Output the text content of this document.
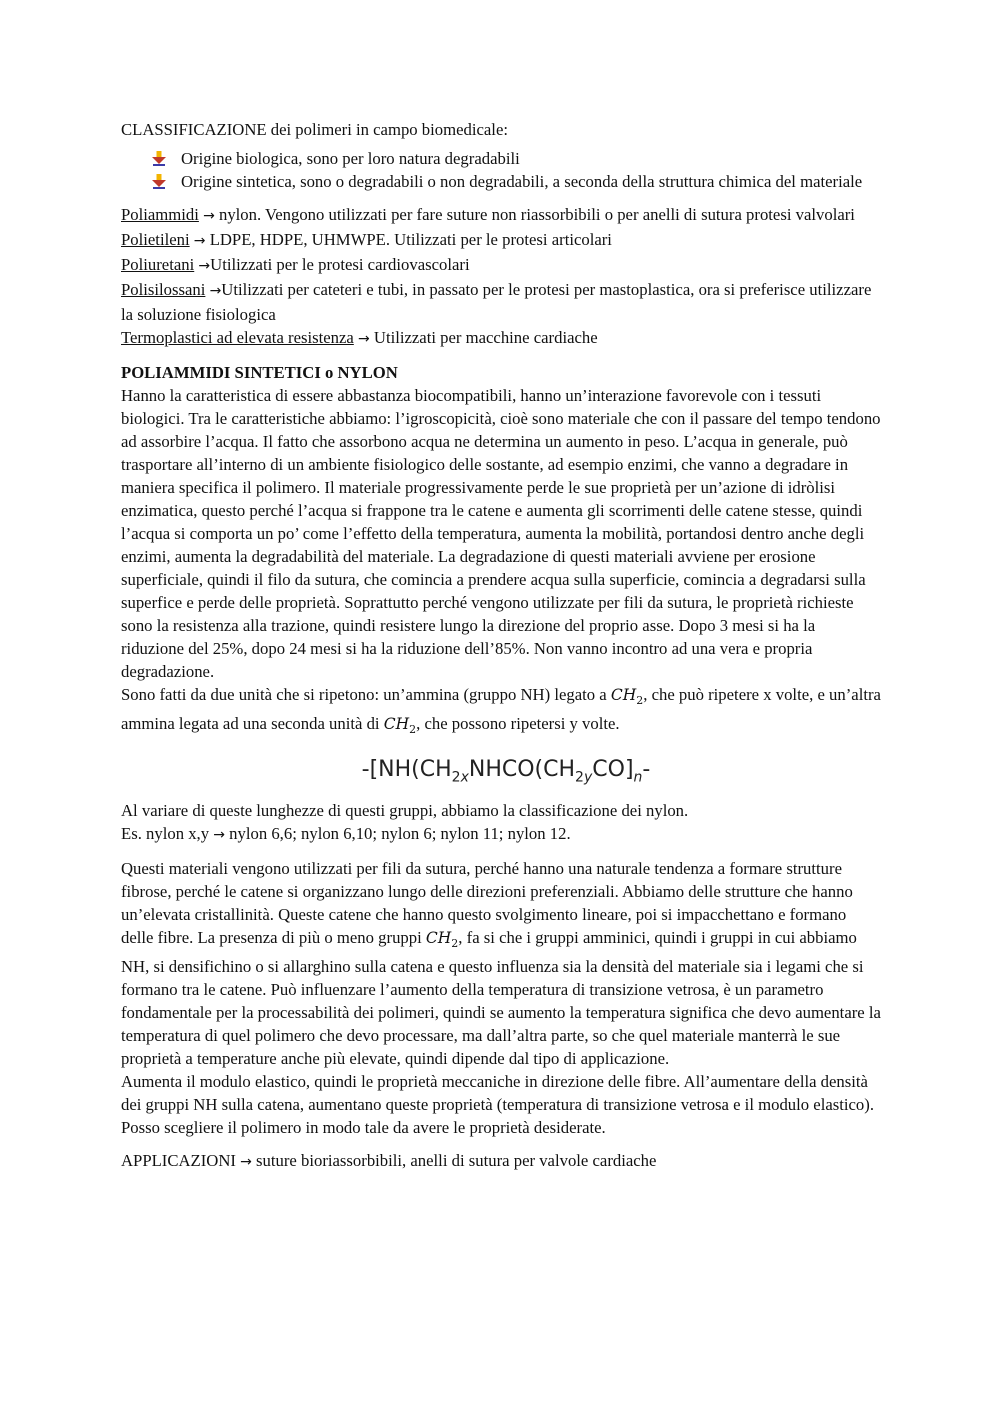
CLASSIFICAZIONE dei polimeri in campo biomedicale:

Origine biologica, sono per loro natura degradabili
Origine sintetica, sono o degradabili o non degradabili, a seconda della struttura chimica del materiale

Poliammidi → nylon. Vengono utilizzati per fare suture non riassorbibili o per anelli di sutura protesi valvolari

Polietileni → LDPE, HDPE, UHMWPE. Utilizzati per le protesi articolari

Poliuretani →Utilizzati per le protesi cardiovascolari

Polisilossani →Utilizzati per cateteri e tubi, in passato per le protesi per mastoplastica, ora si preferisce utilizzare la soluzione fisiologica

Termoplastici ad elevata resistenza → Utilizzati per macchine cardiache

POLIAMMIDI SINTETICI o NYLON

Hanno la caratteristica di essere abbastanza biocompatibili, hanno un’interazione favorevole con i tessuti biologici. Tra le caratteristiche abbiamo: l’igroscopicità, cioè sono materiale che con il passare del tempo tendono ad assorbire l’acqua. Il fatto che assorbono acqua ne determina un aumento in peso. L’acqua in generale, può trasportare all’interno di un ambiente fisiologico delle sostante, ad esempio enzimi, che vanno a degradare in maniera specifica il polimero. Il materiale progressivamente perde le sue proprietà per un’azione di idròlisi enzimatica, questo perché l’acqua si frappone tra le catene e aumenta gli scorrimenti delle catene stesse, quindi l’acqua si comporta un po’ come l’effetto della temperatura, aumenta la mobilità, portandosi dentro anche degli enzimi, aumenta la degradabilità del materiale. La degradazione di questi materiali avviene per erosione superficiale, quindi il filo da sutura, che comincia a prendere acqua sulla superficie, comincia a degradarsi sulla superfice e perde delle proprietà. Soprattutto perché vengono utilizzate per fili da sutura, le proprietà richieste sono la resistenza alla trazione, quindi resistere lungo la direzione del proprio asse. Dopo 3 mesi si ha la riduzione del 25%, dopo 24 mesi si ha la riduzione dell’85%. Non vanno incontro ad una vera e propria degradazione.

Sono fatti da due unità che si ripetono: un’ammina (gruppo NH) legato a $CH_2$, che può ripetere x volte, e un’altra ammina legata ad una seconda unità di $CH_2$, che possono ripetersi y volte.

$-[NH(CH_{2x}NHCO(CH_{2y}CO]_n-$

Al variare di queste lunghezze di questi gruppi, abbiamo la classificazione dei nylon.

Es. nylon x,y → nylon 6,6; nylon 6,10; nylon 6; nylon 11; nylon 12.

Questi materiali vengono utilizzati per fili da sutura, perché hanno una naturale tendenza a formare strutture fibrose, perché le catene si organizzano lungo delle direzioni preferenziali. Abbiamo delle strutture che hanno un’elevata cristallinità. Queste catene che hanno questo svolgimento lineare, poi si impacchettano e formano delle fibre. La presenza di più o meno gruppi $CH_2$, fa si che i gruppi amminici, quindi i gruppi in cui abbiamo NH, si densifichino o si allarghino sulla catena e questo influenza sia la densità del materiale sia i legami che si formano tra le catene. Può influenzare l’aumento della temperatura di transizione vetrosa, è un parametro fondamentale per la processabilità dei polimeri, quindi se aumento la temperatura significa che devo aumentare la temperatura di quel polimero che devo processare, ma dall’altra parte, so che quel materiale manterrà le sue proprietà a temperature anche più elevate, quindi dipende dal tipo di applicazione.

Aumenta il modulo elastico, quindi le proprietà meccaniche in direzione delle fibre. All’aumentare della densità dei gruppi NH sulla catena, aumentano queste proprietà (temperatura di transizione vetrosa e il modulo elastico). Posso scegliere il polimero in modo tale da avere le proprietà desiderate.

APPLICAZIONI → suture bioriassorbibili, anelli di sutura per valvole cardiache
